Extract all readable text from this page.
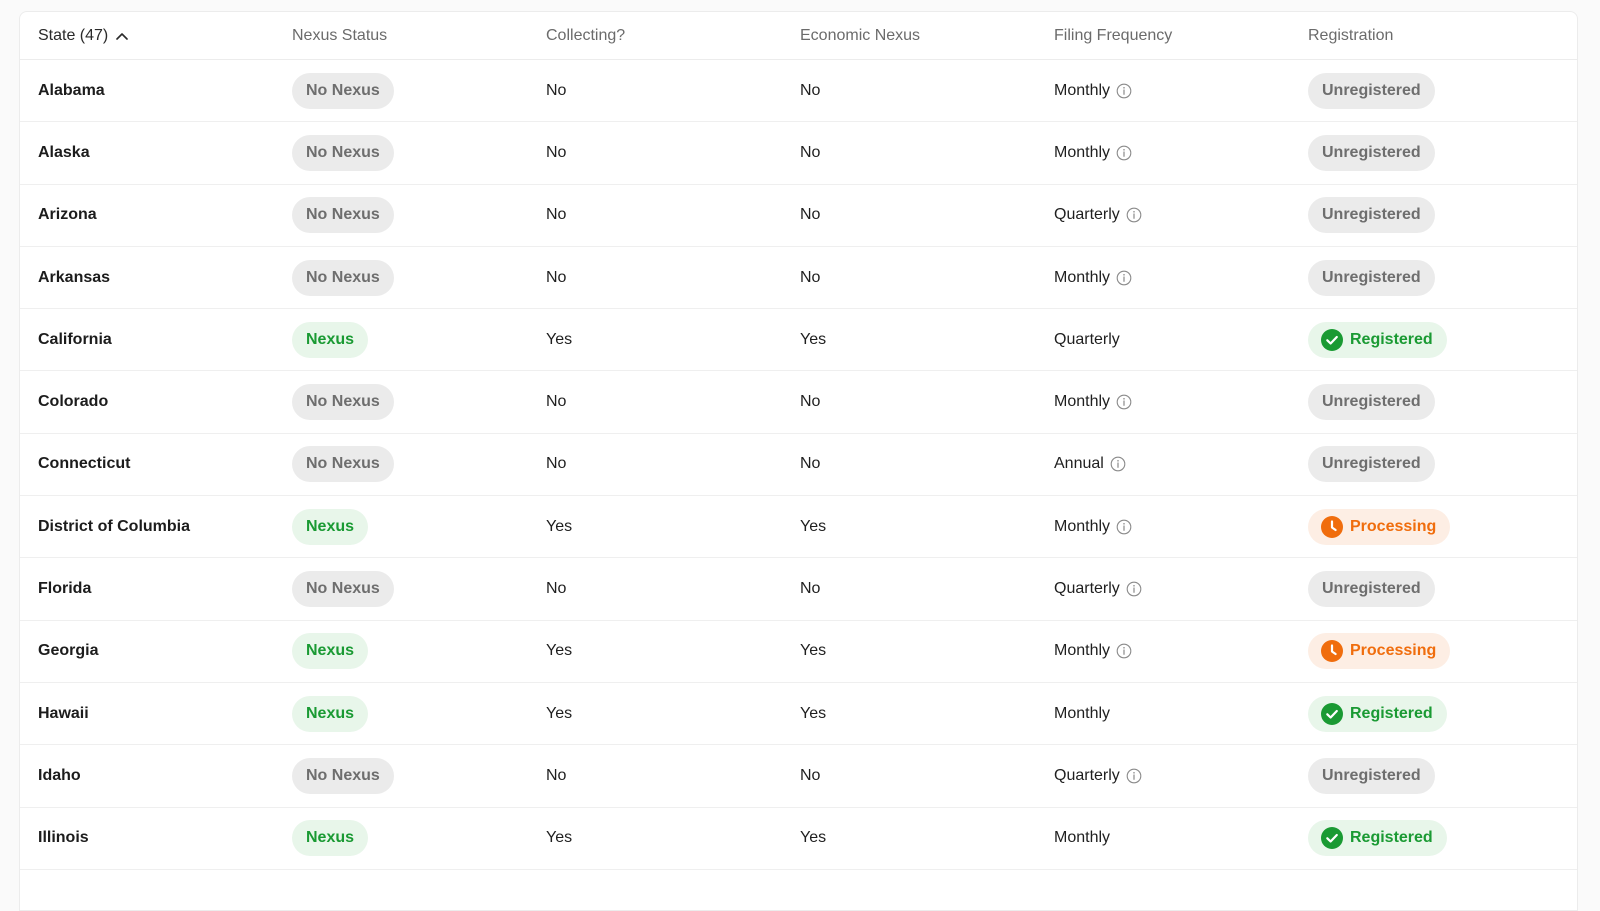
State (47)	Nexus Status	Collecting?	Economic Nexus	Filing Frequency	Registration
Alabama	No Nexus	No	No	Monthly	Unregistered
Alaska	No Nexus	No	No	Monthly	Unregistered
Arizona	No Nexus	No	No	Quarterly	Unregistered
Arkansas	No Nexus	No	No	Monthly	Unregistered
California	Nexus	Yes	Yes	Quarterly	Registered
Colorado	No Nexus	No	No	Monthly	Unregistered
Connecticut	No Nexus	No	No	Annual	Unregistered
District of Columbia	Nexus	Yes	Yes	Monthly	Processing
Florida	No Nexus	No	No	Quarterly	Unregistered
Georgia	Nexus	Yes	Yes	Monthly	Processing
Hawaii	Nexus	Yes	Yes	Monthly	Registered
Idaho	No Nexus	No	No	Quarterly	Unregistered
Illinois	Nexus	Yes	Yes	Monthly	Registered
